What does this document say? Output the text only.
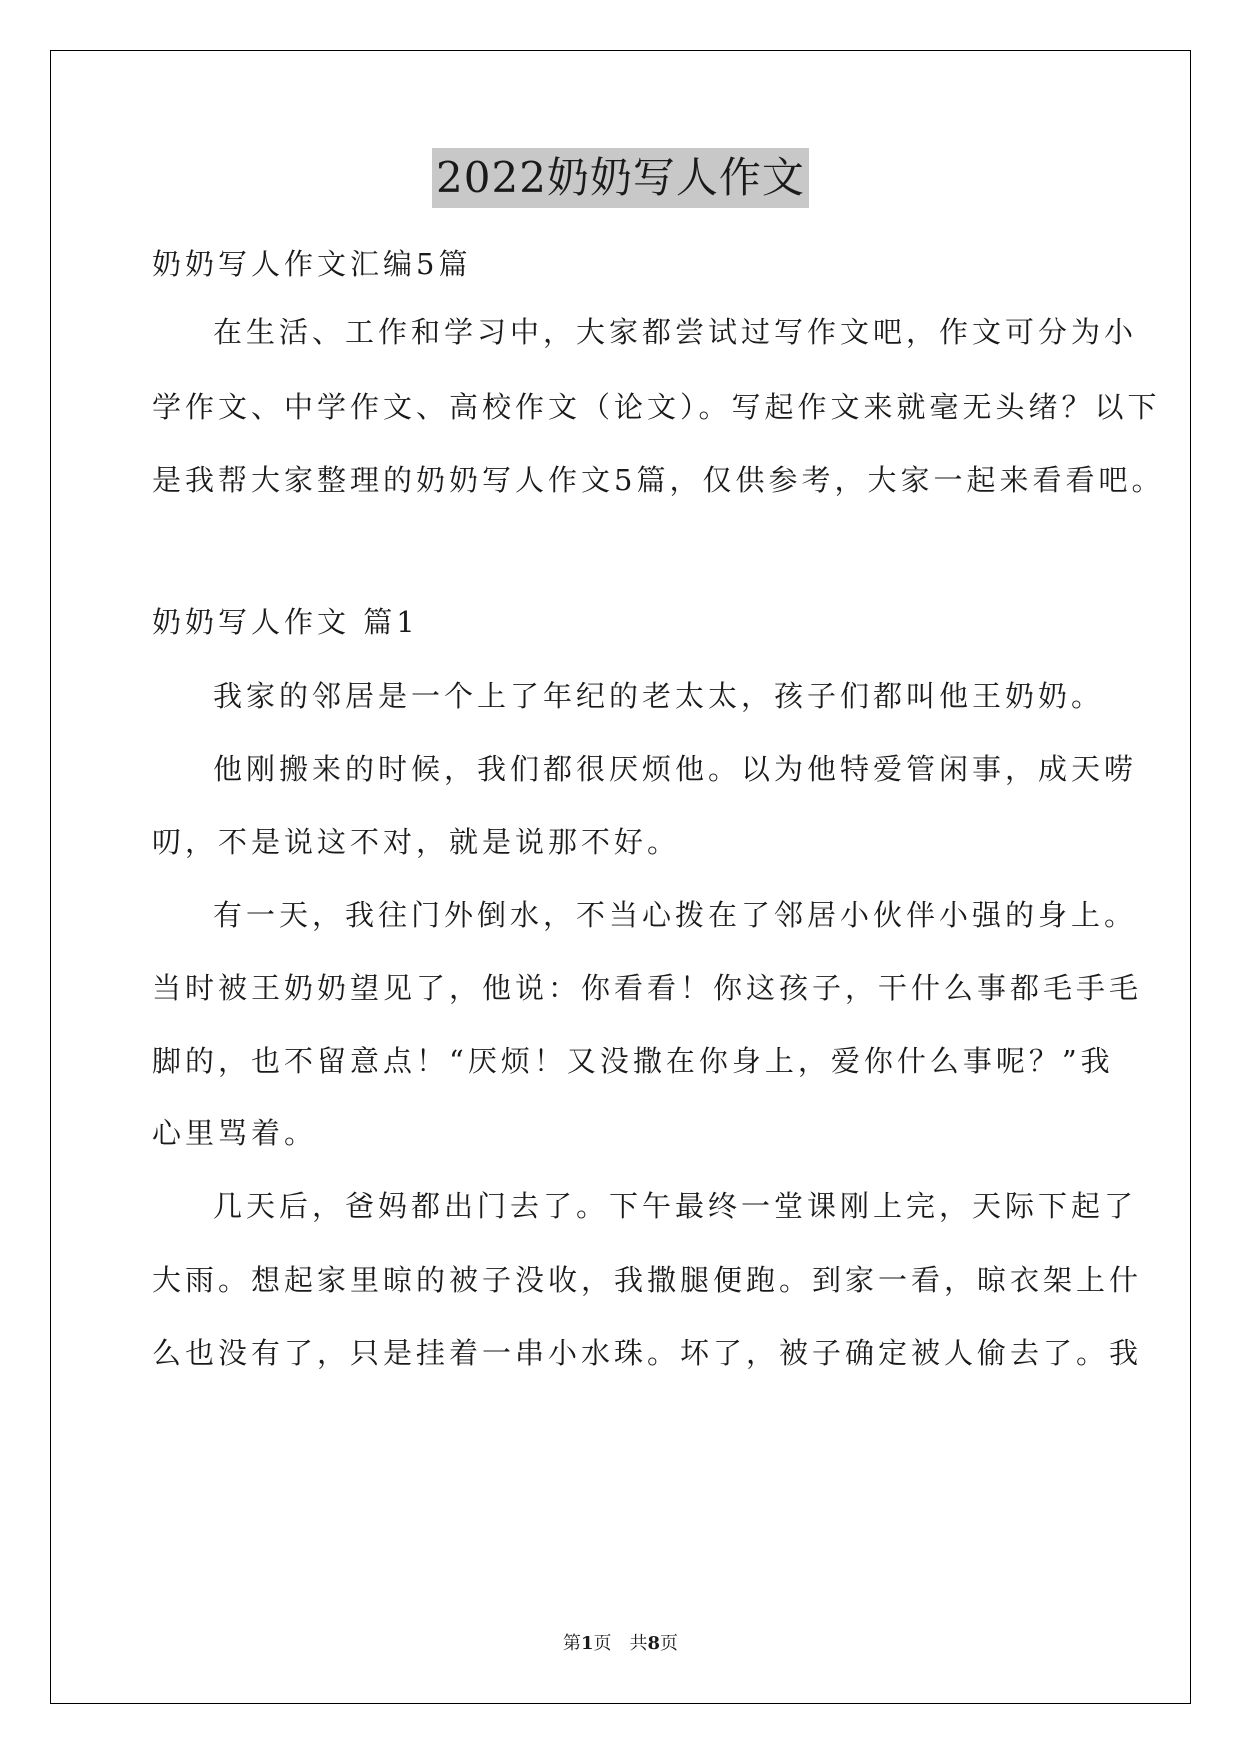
2022奶奶写人作文
奶奶写人作文汇编5篇
在生活、工作和学习中，大家都尝试过写作文吧，作文可分为小
学作文、中学作文、高校作文（论文）。写起作文来就毫无头绪？以下
是我帮大家整理的奶奶写人作文5篇，仅供参考，大家一起来看看吧。
奶奶写人作文 篇1
我家的邻居是一个上了年纪的老太太，孩子们都叫他王奶奶。
他刚搬来的时候，我们都很厌烦他。以为他特爱管闲事，成天唠
叨，不是说这不对，就是说那不好。
有一天，我往门外倒水，不当心拨在了邻居小伙伴小强的身上。
当时被王奶奶望见了，他说：你看看！你这孩子，干什么事都毛手毛
脚的，也不留意点！“厌烦！又没撒在你身上，爱你什么事呢？”我
心里骂着。
几天后，爸妈都出门去了。下午最终一堂课刚上完，天际下起了
大雨。想起家里晾的被子没收，我撒腿便跑。到家一看，晾衣架上什
么也没有了，只是挂着一串小水珠。坏了，被子确定被人偷去了。我
第1页　共8页
